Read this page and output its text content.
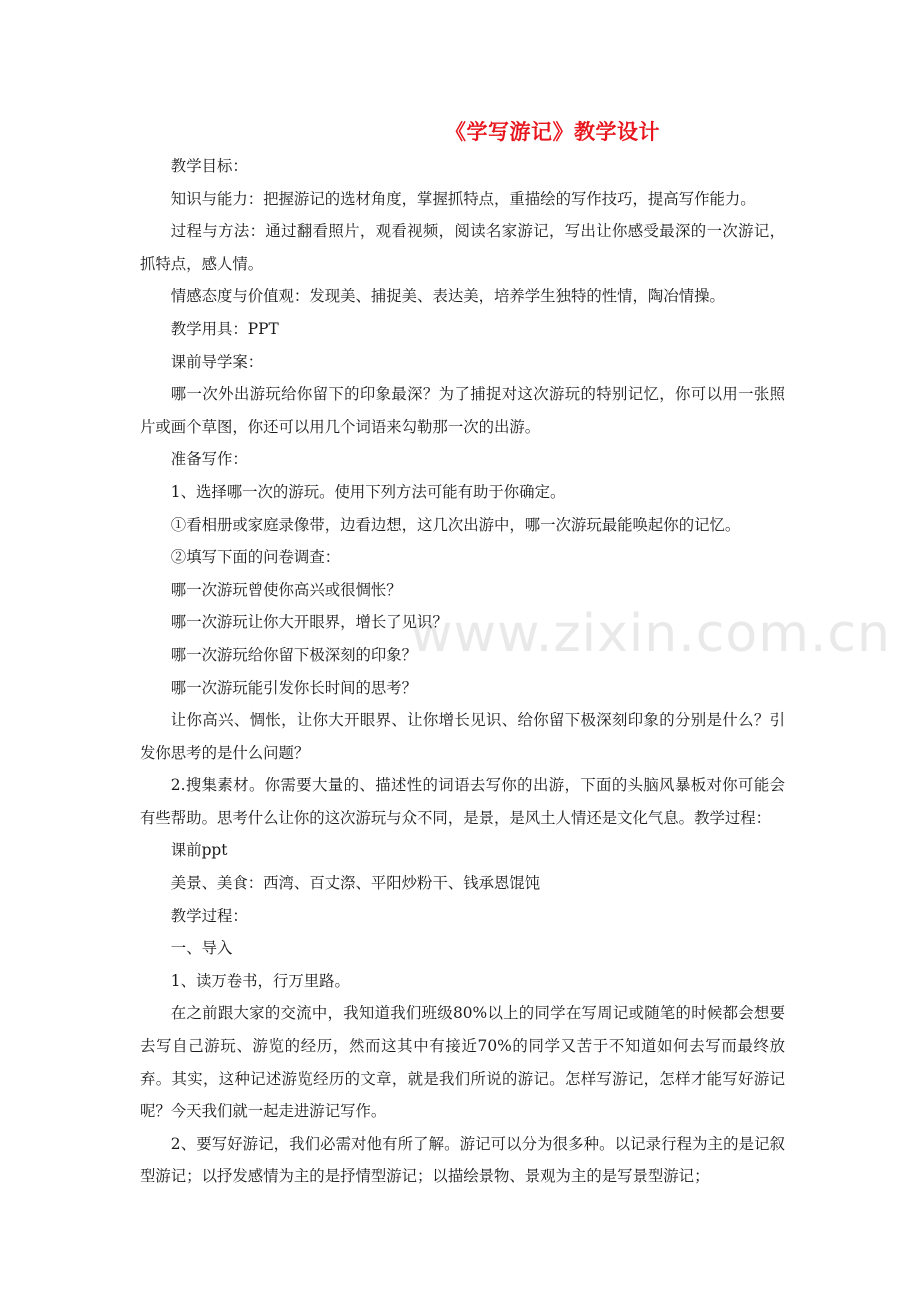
《学写游记》教学设计

教学目标：

知识与能力：把握游记的选材角度，掌握抓特点，重描绘的写作技巧，提高写作能力。

过程与方法：通过翻看照片，观看视频，阅读名家游记，写出让你感受最深的一次游记，抓特点，感人情。

情感态度与价值观：发现美、捕捉美、表达美，培养学生独特的性情，陶冶情操。

教学用具：PPT

课前导学案：

哪一次外出游玩给你留下的印象最深？为了捕捉对这次游玩的特别记忆，你可以用一张照片或画个草图，你还可以用几个词语来勾勒那一次的出游。

准备写作：

1、选择哪一次的游玩。使用下列方法可能有助于你确定。

①看相册或家庭录像带，边看边想，这几次出游中，哪一次游玩最能唤起你的记忆。

②填写下面的问卷调查：

哪一次游玩曾使你高兴或很惆怅？

哪一次游玩让你大开眼界，增长了见识？

哪一次游玩给你留下极深刻的印象？

哪一次游玩能引发你长时间的思考？

让你高兴、惆怅，让你大开眼界、让你增长见识、给你留下极深刻印象的分别是什么？引发你思考的是什么问题？

2.搜集素材。你需要大量的、描述性的词语去写你的出游，下面的头脑风暴板对你可能会有些帮助。思考什么让你的这次游玩与众不同，是景，是风土人情还是文化气息。教学过程：

课前ppt

美景、美食：西湾、百丈漈、平阳炒粉干、钱承恩馄饨

教学过程：

一、导入

1、读万卷书，行万里路。

在之前跟大家的交流中，我知道我们班级80%以上的同学在写周记或随笔的时候都会想要去写自己游玩、游览的经历，然而这其中有接近70%的同学又苦于不知道如何去写而最终放弃。其实，这种记述游览经历的文章，就是我们所说的游记。怎样写游记，怎样才能写好游记呢？今天我们就一起走进游记写作。

2、要写好游记，我们必需对他有所了解。游记可以分为很多种。以记录行程为主的是记叙型游记；以抒发感情为主的是抒情型游记；以描绘景物、景观为主的是写景型游记；

www.zixin.com.cn
